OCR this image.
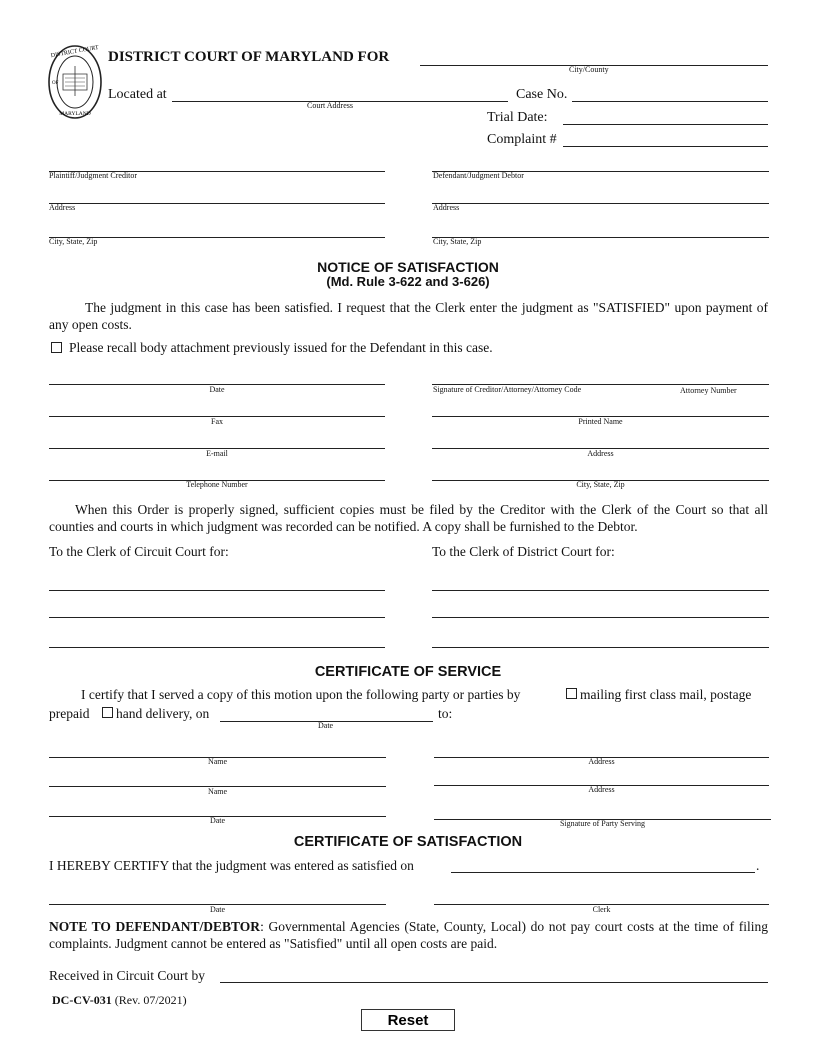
DISTRICT COURT
MARYLAND
OF
DISTRICT COURT OF MARYLAND FOR
City/County
Located at
Court Address
Case No.
Trial Date:
Complaint #
Plaintiff/Judgment Creditor	Defendant/Judgment Debtor
Address	Address
City, State, Zip	City, State, Zip
NOTICE OF SATISFACTION
(Md. Rule 3-622 and 3-626)
The judgment in this case has been satisfied. I request that the Clerk enter the judgment as "SATISFIED" upon payment of any open costs.
Please recall body attachment previously issued for the Defendant in this case.
Date	Signature of Creditor/Attorney/Attorney Code	Attorney Number
Fax	Printed Name
E-mail	Address
Telephone Number	City, State, Zip
When this Order is properly signed, sufficient copies must be filed by the Creditor with the Clerk of the Court so that all counties and courts in which judgment was recorded can be notified. A copy shall be furnished to the Debtor.
To the Clerk of Circuit Court for:	To the Clerk of District Court for:
CERTIFICATE OF SERVICE
I certify that I served a copy of this motion upon the following party or parties by	mailing first class mail, postage
prepaid hand delivery, on
Date
to:
Name	Address
Name	Address
Date	Signature of Party Serving
CERTIFICATE OF SATISFACTION
I HEREBY CERTIFY that the judgment was entered as satisfied on	.
Date	Clerk
NOTE TO DEFENDANT/DEBTOR: Governmental Agencies (State, County, Local) do not pay court costs at the time of filing complaints. Judgment cannot be entered as "Satisfied" until all open costs are paid.
Received in Circuit Court by
DC-CV-031 (Rev. 07/2021)
Reset
